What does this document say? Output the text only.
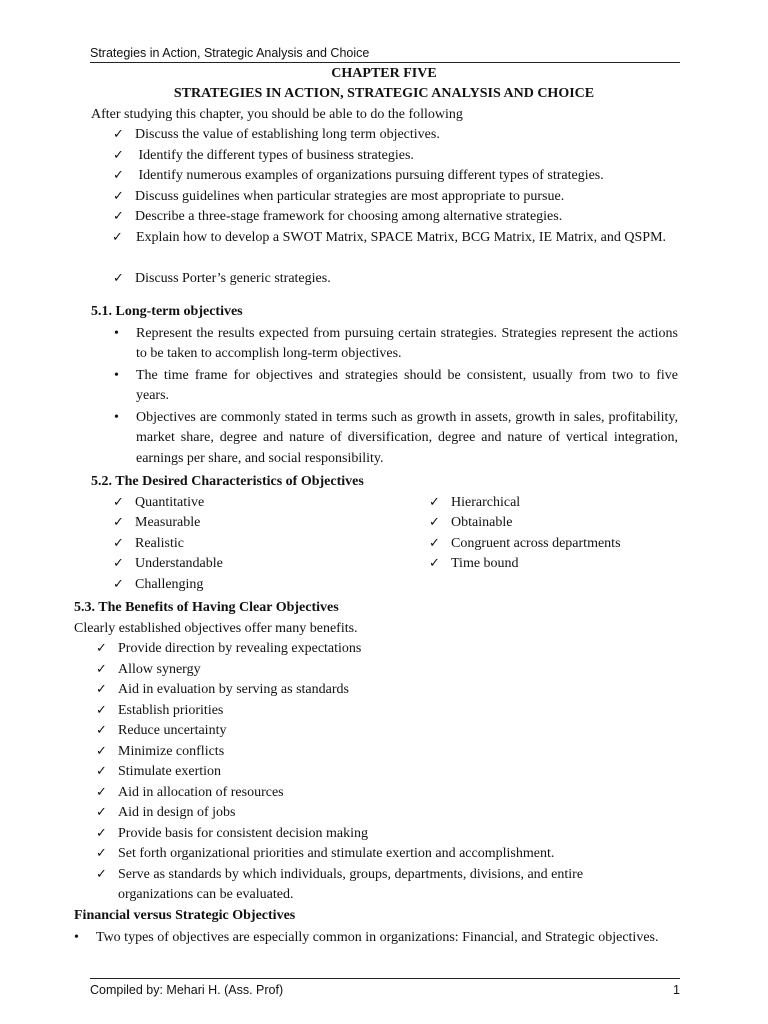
Strategies in Action, Strategic Analysis and Choice
CHAPTER FIVE
STRATEGIES IN ACTION, STRATEGIC ANALYSIS AND CHOICE
After studying this chapter, you should be able to do the following
✓ Discuss the value of establishing long term objectives.
✓ Identify the different types of business strategies.
✓ Identify numerous examples of organizations pursuing different types of strategies.
✓ Discuss guidelines when particular strategies are most appropriate to pursue.
✓ Describe a three-stage framework for choosing among alternative strategies.
✓ Explain how to develop a SWOT Matrix, SPACE Matrix, BCG Matrix, IE Matrix, and QSPM.
✓ Discuss Porter’s generic strategies.
5.1. Long-term objectives
• Represent the results expected from pursuing certain strategies. Strategies represent the actions to be taken to accomplish long-term objectives.
• The time frame for objectives and strategies should be consistent, usually from two to five years.
• Objectives are commonly stated in terms such as growth in assets, growth in sales, profitability, market share, degree and nature of diversification, degree and nature of vertical integration, earnings per share, and social responsibility.
5.2. The Desired Characteristics of Objectives
✓ Quantitative
✓ Measurable
✓ Realistic
✓ Understandable
✓ Challenging
✓ Hierarchical
✓ Obtainable
✓ Congruent across departments
✓ Time bound
5.3. The Benefits of Having Clear Objectives
Clearly established objectives offer many benefits.
✓ Provide direction by revealing expectations
✓ Allow synergy
✓ Aid in evaluation by serving as standards
✓ Establish priorities
✓ Reduce uncertainty
✓ Minimize conflicts
✓ Stimulate exertion
✓ Aid in allocation of resources
✓ Aid in design of jobs
✓ Provide basis for consistent decision making
✓ Set forth organizational priorities and stimulate exertion and accomplishment.
✓ Serve as standards by which individuals, groups, departments, divisions, and entire organizations can be evaluated.
Financial versus Strategic Objectives
• Two types of objectives are especially common in organizations: Financial, and Strategic objectives.
Compiled by: Mehari H. (Ass. Prof)	1
